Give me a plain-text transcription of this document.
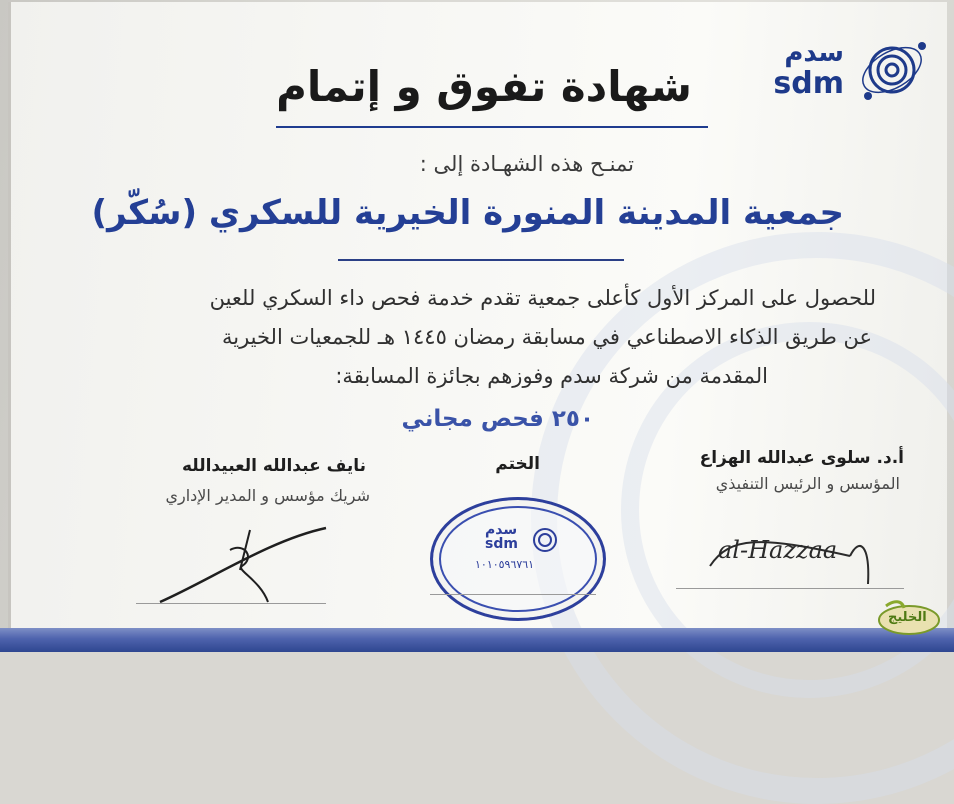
سدم
sdm
شهادة تفوق و إتمام
تمنـح هذه الشهـادة إلى :
جمعية المدينة المنورة الخيرية للسكري (سُكّر)
للحصول على المركز الأول كأعلى جمعية تقدم خدمة فحص داء السكري للعين
عن طريق الذكاء الاصطناعي في مسابقة رمضان ١٤٤٥ هـ للجمعيات الخيرية
المقدمة من شركة سدم وفوزهم بجائزة المسابقة:
٢٥٠ فحص مجاني
أ.د. سلوى عبدالله الهزاع
المؤسس و الرئيس التنفيذي
al-Hazzaa
الختم
سدم
sdm
١٠١٠٥٩٦٧٦١
نايف عبدالله العبيدالله
شريك مؤسس و المدير الإداري
الخليج
